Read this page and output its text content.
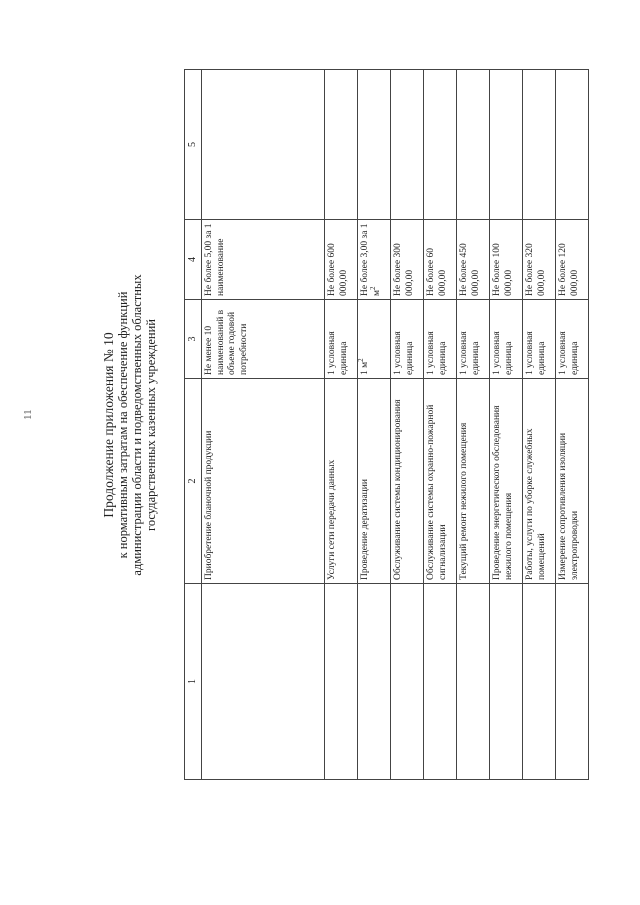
11	Продолжение приложения № 10 к нормативным затратам на обеспечение функций администрации области и подведомственных областных государственных казенных учреждений
1	2	3	4	5
	Приобретение бланочной продукции	Не менее 10 наименований в объеме годовой потребности	Не более 5,00 за 1 наименование	
	Услуги сети передачи данных	1 условная единица	Не более 600 000,00	
	Проведение дератизации	1 $м^2$	Не более 3,00 за 1 $м^2$	
	Обслуживание системы кондиционирования	1 условная единица	Не более 300 000,00	
	Обслуживание системы охранно-пожарной сигнализации	1 условная единица	Не более 60 000,00	
	Текущий ремонт нежилого помещения	1 условная единица	Не более 450 000,00	
	Проведение энергетического обследования нежилого помещения	1 условная единица	Не более 100 000,00	
	Работы, услуги по уборке служебных помещений	1 условная единица	Не более 320 000,00	
	Измерение сопротивления изоляции электропроводки	1 условная единица	Не более 120 000,00	
